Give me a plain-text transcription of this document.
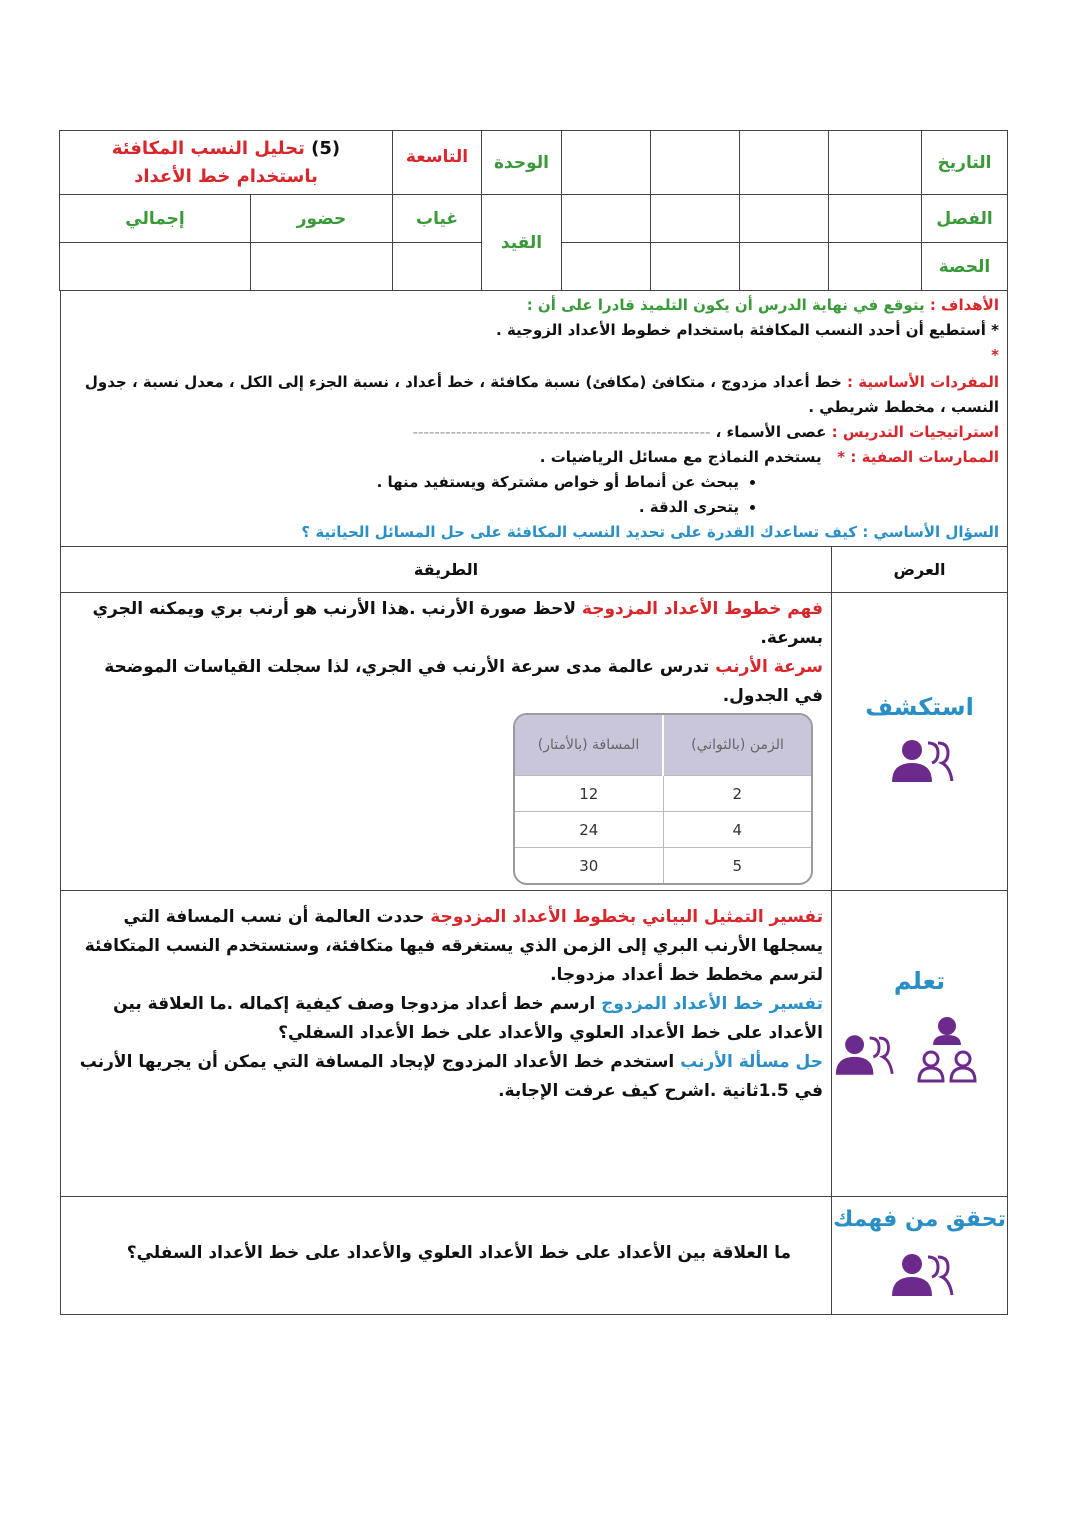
التاريخ					الوحدة	التاسعة	(5) تحليل النسب المكافئة
باستخدام خط الأعداد	

الفصل					القيد	غياب	حضور	إجمالي
الحصة								
الأهداف : يتوقع في نهاية الدرس أن يكون التلميذ قادرا على أن :
* أستطيع أن أحدد النسب المكافئة باستخدام خطوط الأعداد الزوجية .
*
المفردات الأساسية : خط أعداد مزدوج ، متكافئ (مكافئ) نسبة مكافئة ، خط أعداد ، نسبة الجزء إلى الكل ، معدل نسبة ، جدول النسب ، مخطط شريطي .
استراتيجيات التدريس : عصى الأسماء ، -------------------------------------------------------
الممارسات الصفية : *   يستخدم النماذج مع مسائل الرياضيات .
• يبحث عن أنماط أو خواص مشتركة ويستفيد منها .
• يتحرى الدقة .
السؤال الأساسي : كيف تساعدك القدرة على تحديد النسب المكافئة على حل المسائل الحياتية ؟
العرض
الطريقة
استكشف
فهم خطوط الأعداد المزدوجة لاحظ صورة الأرنب .هذا الأرنب هو أرنب بري ويمكنه الجري بسرعة.
سرعة الأرنب تدرس عالمة مدى سرعة الأرنب في الجري، لذا سجلت القياسات الموضحة في الجدول.
الزمن (بالثواني)	المسافة (بالأمتار)
2	12
4	24
5	30
تعلم
تفسير التمثيل البياني بخطوط الأعداد المزدوجة حددت العالمة أن نسب المسافة التي يسجلها الأرنب البري إلى الزمن الذي يستغرقه فيها متكافئة، وستستخدم النسب المتكافئة لترسم مخطط خط أعداد مزدوجا.
تفسير خط الأعداد المزدوج ارسم خط أعداد مزدوجا وصف كيفية إكماله .ما العلاقة بين الأعداد على خط الأعداد العلوي والأعداد على خط الأعداد السفلي؟
حل مسألة الأرنب استخدم خط الأعداد المزدوج لإيجاد المسافة التي يمكن أن يجريها الأرنب في 1.5ثانية .اشرح كيف عرفت الإجابة.
تحقق من فهمك
ما العلاقة بين الأعداد على خط الأعداد العلوي والأعداد على خط الأعداد السفلي؟
